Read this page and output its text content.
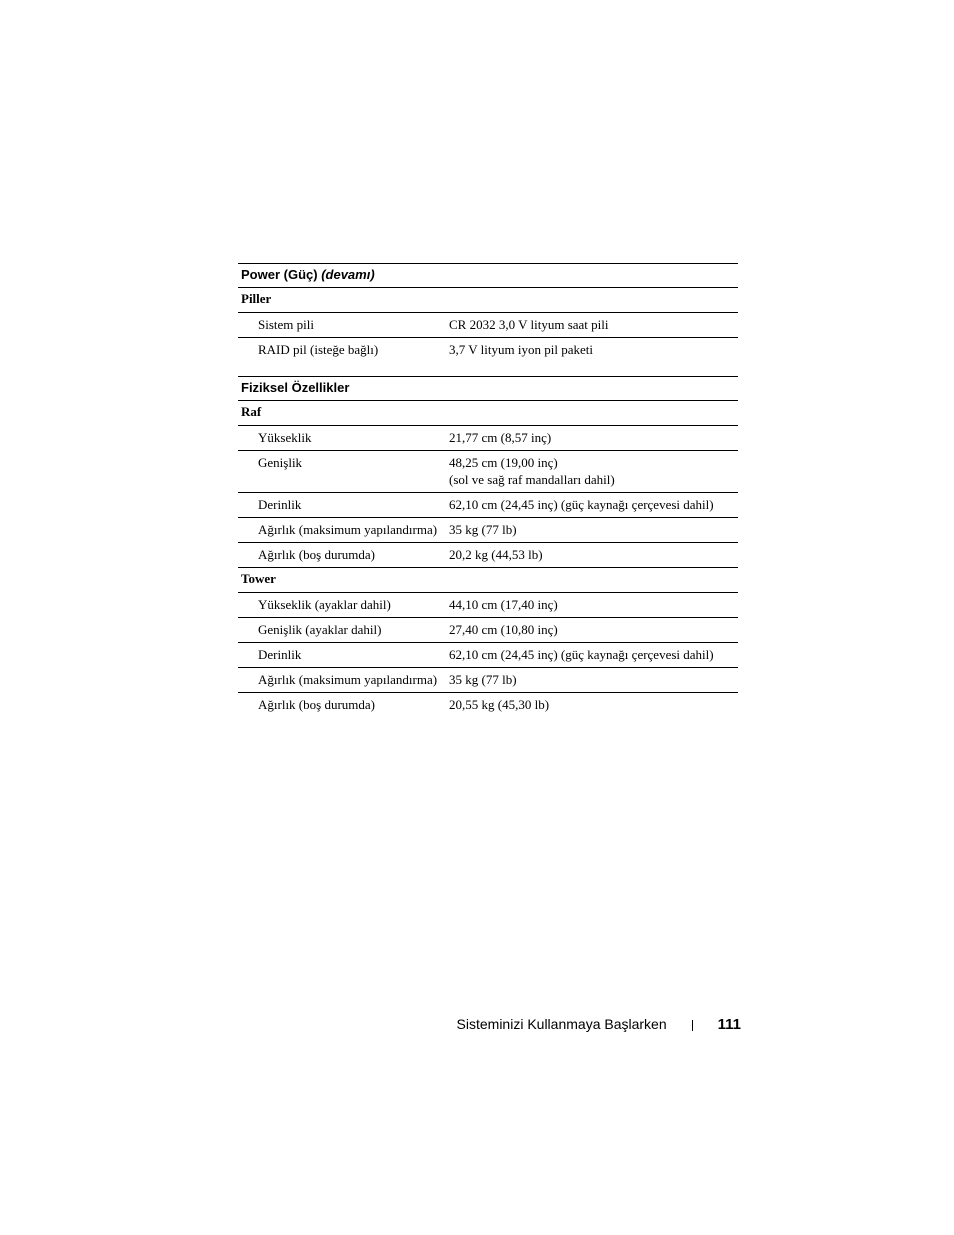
Power (Güç) (devamı)
Piller
Sistem pili	CR 2032 3,0 V lityum saat pili
RAID pil (isteğe bağlı)	3,7 V lityum iyon pil paketi
Fiziksel Özellikler
Raf
Yükseklik	21,77 cm (8,57 inç)
Genişlik	48,25 cm (19,00 inç)
(sol ve sağ raf mandalları dahil)
Derinlik	62,10 cm (24,45 inç) (güç kaynağı çerçevesi dahil)
Ağırlık (maksimum yapılandırma) 35 kg (77 lb)
Ağırlık (boş durumda)	20,2 kg (44,53 lb)
Tower
Yükseklik (ayaklar dahil)	44,10 cm (17,40 inç)
Genişlik (ayaklar dahil)	27,40 cm (10,80 inç)
Derinlik	62,10 cm (24,45 inç) (güç kaynağı çerçevesi dahil)
Ağırlık (maksimum yapılandırma) 35 kg (77 lb)
Ağırlık (boş durumda)	20,55 kg (45,30 lb)
Sisteminizi Kullanmaya Başlarken	111
